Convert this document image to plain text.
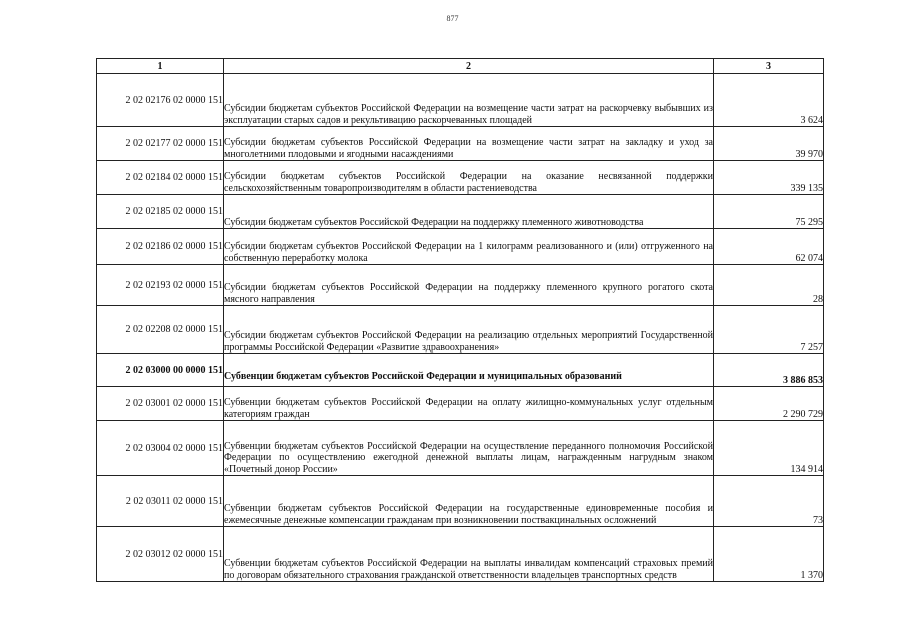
877
1	2	3
2 02 02176 02 0000 151	Субсидии бюджетам субъектов Российской Федерации на возмещение части затрат на раскорчевку выбывших из эксплуатации старых садов и рекультивацию раскорчеванных площадей	3 624
2 02 02177 02 0000 151	Субсидии бюджетам субъектов Российской Федерации на возмещение части затрат на закладку и уход за многолетними плодовыми и ягодными насаждениями	39 970
2 02 02184 02 0000 151	Субсидии бюджетам субъектов Российской Федерации на оказание несвязанной поддержки сельскохозяйственным товаропроизводителям в области растениеводства	339 135
2 02 02185 02 0000 151	Субсидии бюджетам субъектов Российской Федерации на поддержку племенного животноводства	75 295
2 02 02186 02 0000 151	Субсидии бюджетам субъектов Российской Федерации на 1 килограмм реализованного и (или) отгруженного на собственную переработку молока	62 074
2 02 02193 02 0000 151	Субсидии бюджетам субъектов Российской Федерации на поддержку племенного крупного рогатого скота мясного направления	28
2 02 02208 02 0000 151	Субсидии бюджетам субъектов Российской Федерации на реализацию отдельных мероприятий Государственной программы Российской Федерации «Развитие здравоохранения»	7 257
2 02 03000 00 0000 151	Субвенции бюджетам субъектов Российской Федерации и муниципальных образований	3 886 853
2 02 03001 02 0000 151	Субвенции бюджетам субъектов Российской Федерации на оплату жилищно-коммунальных услуг отдельным категориям граждан	2 290 729
2 02 03004 02 0000 151	Субвенции бюджетам субъектов Российской Федерации на осуществление переданного полномочия Российской Федерации по осуществлению ежегодной денежной выплаты лицам, награжденным нагрудным знаком «Почетный донор России»	134 914
2 02 03011 02 0000 151	Субвенции бюджетам субъектов Российской Федерации на государственные единовременные пособия и ежемесячные денежные компенсации гражданам при возникновении поствакцинальных осложнений	73
2 02 03012 02 0000 151	Субвенции бюджетам субъектов Российской Федерации на выплаты инвалидам компенсаций страховых премий по договорам обязательного страхования гражданской ответственности владельцев транспортных средств	1 370
